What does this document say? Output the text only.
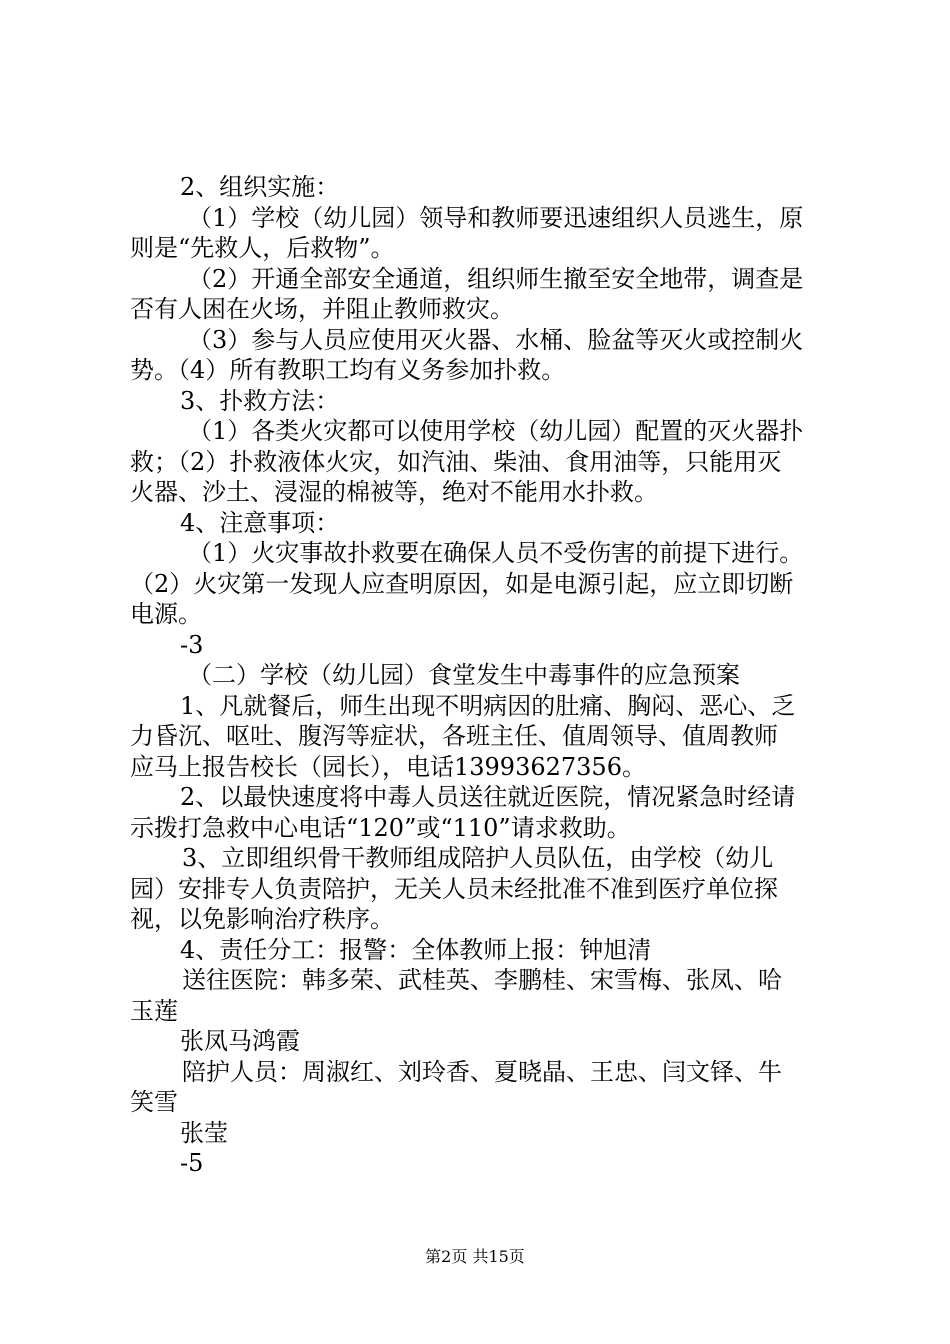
2、组织实施：
（1）学校（幼儿园）领导和教师要迅速组织人员逃生，原
则是“先救人，后救物”。
（2）开通全部安全通道，组织师生撤至安全地带，调查是
否有人困在火场，并阻止教师救灾。
（3）参与人员应使用灭火器、水桶、脸盆等灭火或控制火
势。（4）所有教职工均有义务参加扑救。
3、扑救方法：
（1）各类火灾都可以使用学校（幼儿园）配置的灭火器扑
救；（2）扑救液体火灾，如汽油、柴油、食用油等，只能用灭
火器、沙土、浸湿的棉被等，绝对不能用水扑救。
4、注意事项：
（1）火灾事故扑救要在确保人员不受伤害的前提下进行。
（2）火灾第一发现人应查明原因，如是电源引起，应立即切断
电源。
-3
（二）学校（幼儿园）食堂发生中毒事件的应急预案
1、凡就餐后，师生出现不明病因的肚痛、胸闷、恶心、乏
力昏沉、呕吐、腹泻等症状，各班主任、值周领导、值周教师
应马上报告校长（园长），电话13993627356。
2、以最快速度将中毒人员送往就近医院，情况紧急时经请
示拨打急救中心电话“120”或“110”请求救助。
3、立即组织骨干教师组成陪护人员队伍，由学校（幼儿
园）安排专人负责陪护，无关人员未经批准不准到医疗单位探
视，以免影响治疗秩序。
4、责任分工：报警：全体教师上报：钟旭清
送往医院：韩多荣、武桂英、李鹏桂、宋雪梅、张凤、哈
玉莲
张凤马鸿霞
陪护人员：周淑红、刘玲香、夏晓晶、王忠、闫文铎、牛
笑雪
张莹
-5
第2页 共15页
